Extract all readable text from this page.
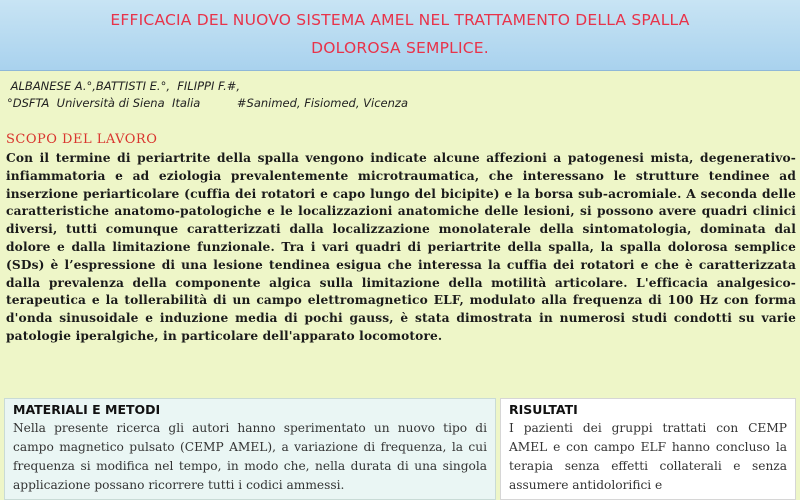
EFFICACIA DEL NUOVO SISTEMA AMEL NEL TRATTAMENTO DELLA SPALLA
DOLOROSA SEMPLICE.
ALBANESE A.°,BATTISTI E.°,  FILIPPI F.#,
°DSFTA  Università di Siena  Italia          #Sanimed, Fisiomed, Vicenza
SCOPO DEL LAVORO
Con il termine di periartrite della spalla vengono indicate alcune affezioni a patogenesi mista, degenerativo-infiammatoria e ad eziologia prevalentemente microtraumatica, che interessano le strutture tendinee ad inserzione periarticolare (cuffia dei rotatori e capo lungo del bicipite) e la borsa sub-acromiale. A seconda delle caratteristiche anatomo-patologiche e le localizzazioni anatomiche delle lesioni, si possono avere quadri clinici diversi, tutti comunque caratterizzati dalla localizzazione monolaterale della sintomatologia, dominata dal dolore e dalla limitazione funzionale. Tra i vari quadri di periartrite della spalla, la spalla dolorosa semplice (SDs) è l’espressione di una lesione tendinea esigua che interessa la cuffia dei rotatori e che è caratterizzata dalla prevalenza della componente algica sulla limitazione della motilità articolare. L'efficacia analgesico-terapeutica e la tollerabilità di un campo elettromagnetico ELF, modulato alla frequenza di 100 Hz con forma d'onda sinusoidale e induzione media di pochi gauss, è stata dimostrata in numerosi studi condotti su varie patologie iperalgiche, in particolare dell'apparato locomotore.
MATERIALI E METODI
Nella presente ricerca gli autori hanno sperimentato un nuovo tipo di campo magnetico pulsato (CEMP AMEL), a variazione di frequenza, la cui frequenza si modifica nel tempo, in modo che, nella durata di una singola applicazione possano ricorrere tutti i codici ammessi.
RISULTATI
I pazienti dei gruppi trattati con CEMP AMEL e con campo ELF hanno concluso la terapia senza effetti collaterali e senza assumere antidolorifici e
